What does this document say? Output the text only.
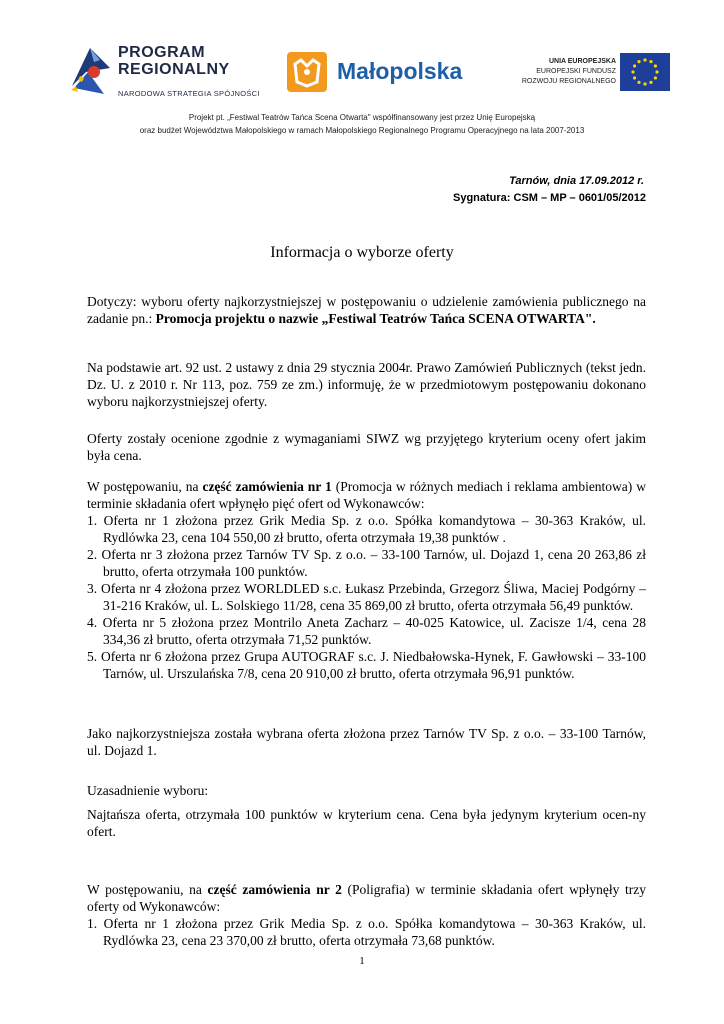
PROGRAM
REGIONALNY
NARODOWA STRATEGIA SPÓJNOŚCI
Małopolska	UNIA EUROPEJSKA
EUROPEJSKI FUNDUSZ
ROZWOJU REGIONALNEGO
Projekt pt. „Festiwal Teatrów Tańca Scena Otwarta" współfinansowany jest przez Unię Europejską
oraz budżet Województwa Małopolskiego w ramach Małopolskiego Regionalnego Programu Operacyjnego na lata 2007-2013
Tarnów, dnia 17.09.2012 r.
Sygnatura: CSM – MP – 0601/05/2012
Informacja o wyborze oferty

Dotyczy: wyboru oferty najkorzystniejszej w postępowaniu o udzielenie zamówienia publicznego na zadanie pn.: Promocja projektu o nazwie „Festiwal Teatrów Tańca SCENA OTWARTA".

Na podstawie art. 92 ust. 2 ustawy z dnia 29 stycznia 2004r. Prawo Zamówień Publicznych (tekst jedn. Dz. U. z 2010 r. Nr 113, poz. 759 ze zm.) informuję, że w przedmiotowym postępowaniu dokonano wyboru najkorzystniejszej oferty.

Oferty zostały ocenione zgodnie z wymaganiami SIWZ wg przyjętego kryterium oceny ofert jakim była cena.

W postępowaniu, na część zamówienia nr 1 (Promocja w różnych mediach i reklama ambientowa) w terminie składania ofert wpłynęło pięć ofert od Wykonawców:

1. Oferta nr 1 złożona przez Grik Media Sp. z o.o. Spółka komandytowa – 30-363 Kraków, ul. Rydlówka 23, cena 104 550,00 zł brutto, oferta otrzymała 19,38 punktów .
2. Oferta nr 3 złożona przez Tarnów TV Sp. z o.o. – 33-100 Tarnów, ul. Dojazd 1, cena 20 263,86 zł brutto, oferta otrzymała 100 punktów.
3. Oferta nr 4 złożona przez WORLDLED s.c. Łukasz Przebinda, Grzegorz Śliwa, Maciej Podgórny – 31-216 Kraków, ul. L. Solskiego 11/28, cena 35 869,00 zł brutto, oferta otrzymała 56,49 punktów.
4. Oferta nr 5 złożona przez Montrilo Aneta Zacharz – 40-025 Katowice, ul. Zacisze 1/4, cena 28 334,36 zł brutto, oferta otrzymała 71,52 punktów.
5. Oferta nr 6 złożona przez Grupa AUTOGRAF s.c. J. Niedbałowska-Hynek, F. Gawłowski – 33-100 Tarnów, ul. Urszulańska 7/8, cena 20 910,00 zł brutto, oferta otrzymała 96,91 punktów.

Jako najkorzystniejsza została wybrana oferta złożona przez Tarnów TV Sp. z o.o. – 33-100 Tarnów, ul. Dojazd 1.

Uzasadnienie wyboru:

Najtańsza oferta, otrzymała 100 punktów w kryterium cena. Cena była jedynym kryterium ocen-ny ofert.

W postępowaniu, na część zamówienia nr 2 (Poligrafia) w terminie składania ofert wpłynęły trzy oferty od Wykonawców:

1. Oferta nr 1 złożona przez Grik Media Sp. z o.o. Spółka komandytowa – 30-363 Kraków, ul. Rydlówka 23, cena 23 370,00 zł brutto, oferta otrzymała 73,68 punktów.
1
